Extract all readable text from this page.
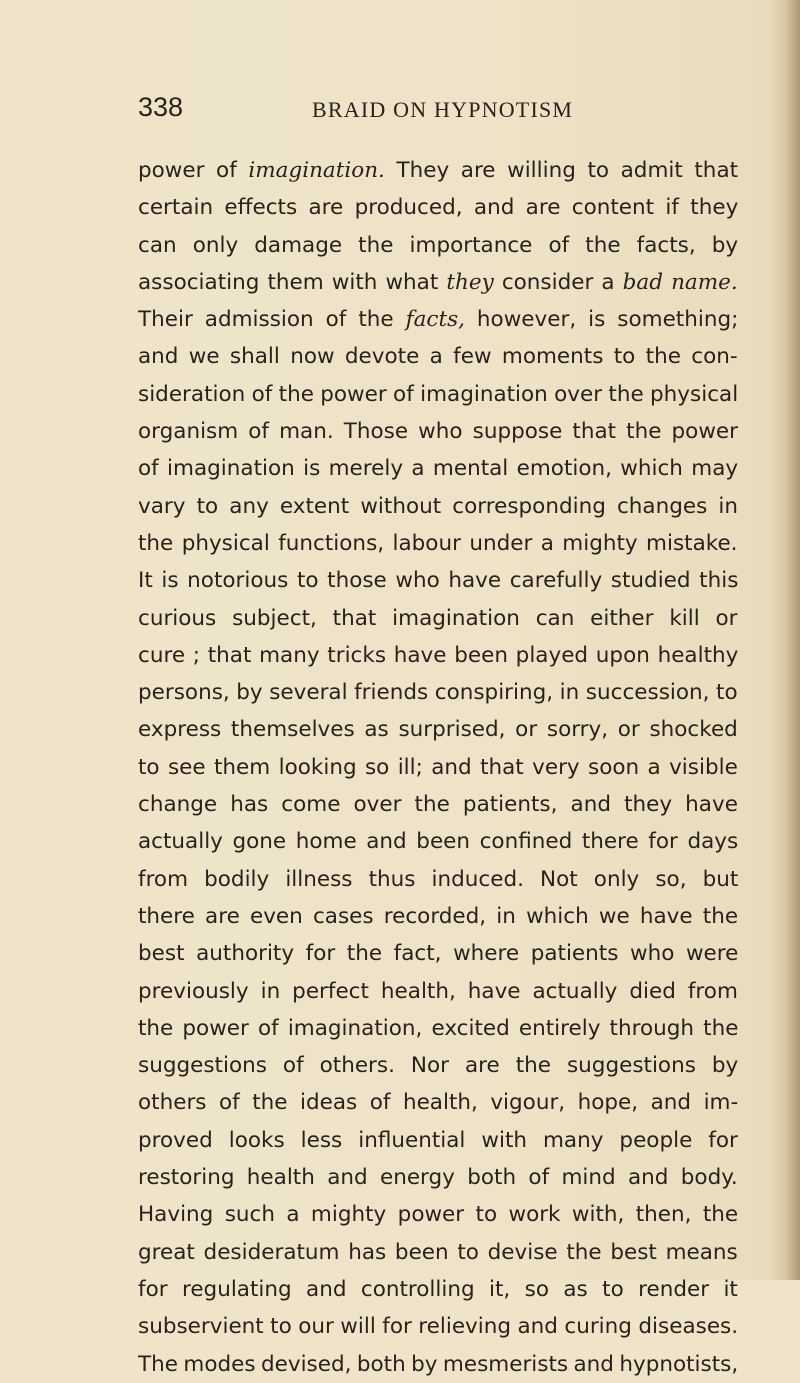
338	BRAID ON HYPNOTISM
power of imagination. They are willing to admit that
certain effects are produced, and are content if they
can only damage the importance of the facts, by
associating them with what they consider a bad name.
Their admission of the facts, however, is something;
and we shall now devote a few moments to the con-
sideration of the power of imagination over the physical
organism of man. Those who suppose that the power
of imagination is merely a mental emotion, which may
vary to any extent without corresponding changes in
the physical functions, labour under a mighty mistake.
It is notorious to those who have carefully studied this
curious subject, that imagination can either kill or
cure ; that many tricks have been played upon healthy
persons, by several friends conspiring, in succession, to
express themselves as surprised, or sorry, or shocked
to see them looking so ill; and that very soon a visible
change has come over the patients, and they have
actually gone home and been confined there for days
from bodily illness thus induced. Not only so, but
there are even cases recorded, in which we have the
best authority for the fact, where patients who were
previously in perfect health, have actually died from
the power of imagination, excited entirely through the
suggestions of others. Nor are the suggestions by
others of the ideas of health, vigour, hope, and im-
proved looks less influential with many people for
restoring health and energy both of mind and body.
Having such a mighty power to work with, then, the
great desideratum has been to devise the best means
for regulating and controlling it, so as to render it
subservient to our will for relieving and curing diseases.
The modes devised, both by mesmerists and hypnotists,
